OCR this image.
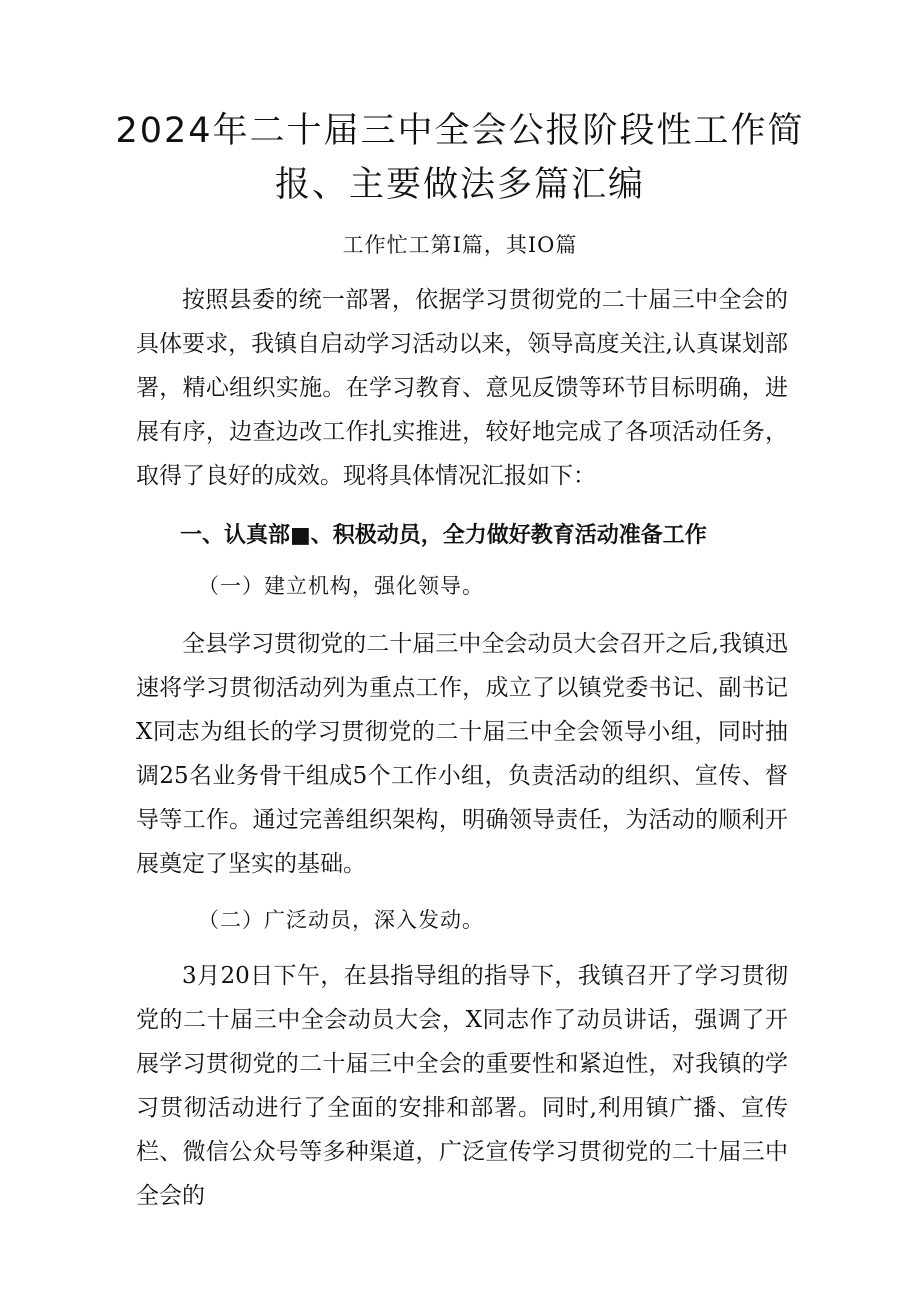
2024年二十届三中全会公报阶段性工作简报、主要做法多篇汇编

工作忙工第I篇，其IO篇

按照县委的统一部署，依据学习贯彻党的二十届三中全会的具体要求，我镇自启动学习活动以来，领导高度关注,认真谋划部署，精心组织实施。在学习教育、意见反馈等环节目标明确，进展有序，边查边改工作扎实推进，较好地完成了各项活动任务，取得了良好的成效。现将具体情况汇报如下：

一、认真部■、积极动员，全力做好教育活动准备工作

（一）建立机构，强化领导。

全县学习贯彻党的二十届三中全会动员大会召开之后,我镇迅速将学习贯彻活动列为重点工作，成立了以镇党委书记、副书记X同志为组长的学习贯彻党的二十届三中全会领导小组，同时抽调25名业务骨干组成5个工作小组，负责活动的组织、宣传、督导等工作。通过完善组织架构，明确领导责任，为活动的顺利开展奠定了坚实的基础。

（二）广泛动员，深入发动。

3月20日下午，在县指导组的指导下，我镇召开了学习贯彻党的二十届三中全会动员大会，X同志作了动员讲话，强调了开展学习贯彻党的二十届三中全会的重要性和紧迫性，对我镇的学习贯彻活动进行了全面的安排和部署。同时,利用镇广播、宣传栏、微信公众号等多种渠道，广泛宣传学习贯彻党的二十届三中全会的
